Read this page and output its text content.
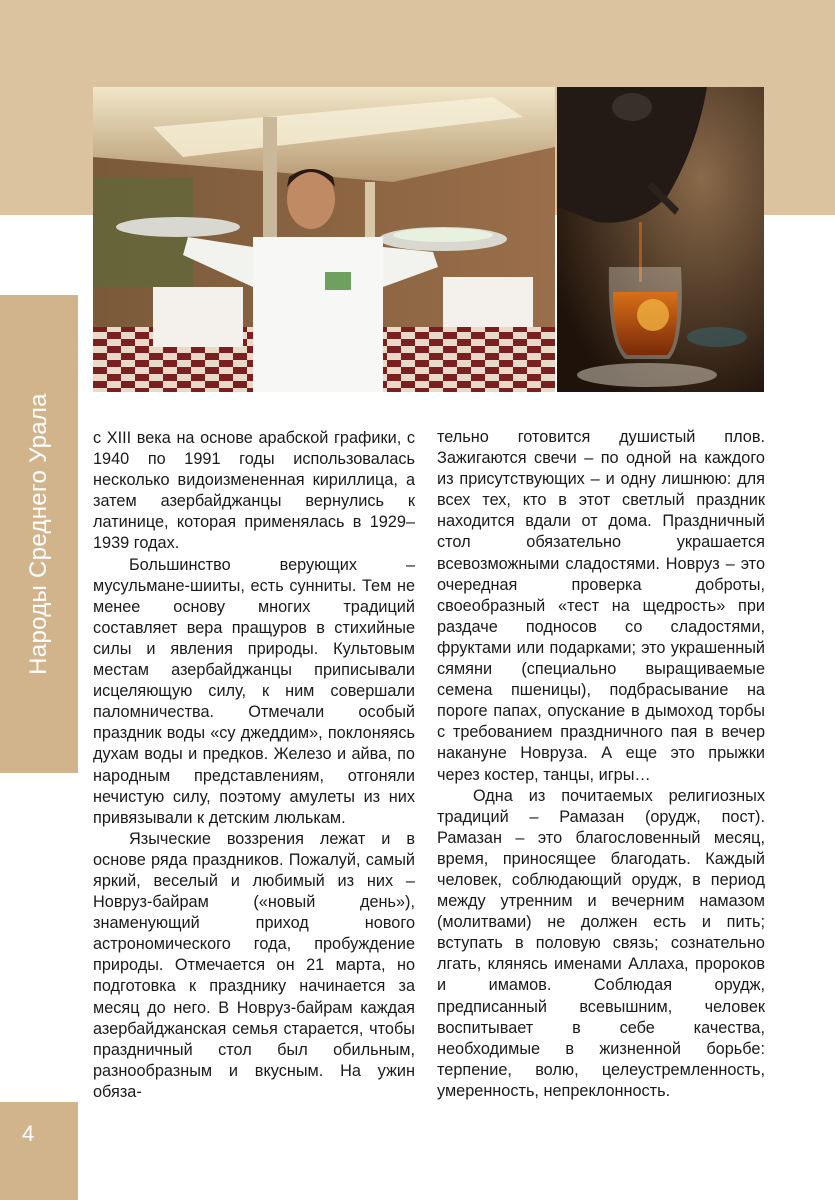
Народы Среднего Урала
4

с XIII века на основе арабской графики, с 1940 по 1991 годы использовалась несколько видоизмененная кириллица, а затем азербайджанцы вернулись к латинице, которая применялась в 1929–1939 годах.

Большинство верующих – мусульмане-шииты, есть сунниты. Тем не менее основу многих традиций составляет вера пращуров в стихийные силы и явления природы. Культовым местам азербайджанцы приписывали исцеляющую силу, к ним совершали паломничества. Отмечали особый праздник воды «су джеддим», поклоняясь духам воды и предков. Железо и айва, по народным представлениям, отгоняли нечистую силу, поэтому амулеты из них привязывали к детским люлькам.

Языческие воззрения лежат и в основе ряда праздников. Пожалуй, самый яркий, веселый и любимый из них – Новруз-байрам («новый день»), знаменующий приход нового астрономического года, пробуждение природы. Отмечается он 21 марта, но подготовка к празднику начинается за месяц до него. В Новруз-байрам каждая азербайджанская семья старается, чтобы праздничный стол был обильным, разнообразным и вкусным. На ужин обяза-

тельно готовится душистый плов. Зажигаются свечи – по одной на каждого из присутствующих – и одну лишнюю: для всех тех, кто в этот светлый праздник находится вдали от дома. Праздничный стол обязательно украшается всевозможными сладостями. Новруз – это очередная проверка доброты, своеобразный «тест на щедрость» при раздаче подносов со сладостями, фруктами или подарками; это украшенный сямяни (специально выращиваемые семена пшеницы), подбрасывание на пороге папах, опускание в дымоход торбы с требованием праздничного пая в вечер накануне Новруза. А еще это прыжки через костер, танцы, игры…

Одна из почитаемых религиозных традиций – Рамазан (орудж, пост). Рамазан – это благословенный месяц, время, приносящее благодать. Каждый человек, соблюдающий орудж, в период между утренним и вечерним намазом (молитвами) не должен есть и пить; вступать в половую связь; сознательно лгать, клянясь именами Аллаха, пророков и имамов. Соблюдая орудж, предписанный всевышним, человек воспитывает в себе качества, необходимые в жизненной борьбе: терпение, волю, целеустремленность, умеренность, непреклонность.
